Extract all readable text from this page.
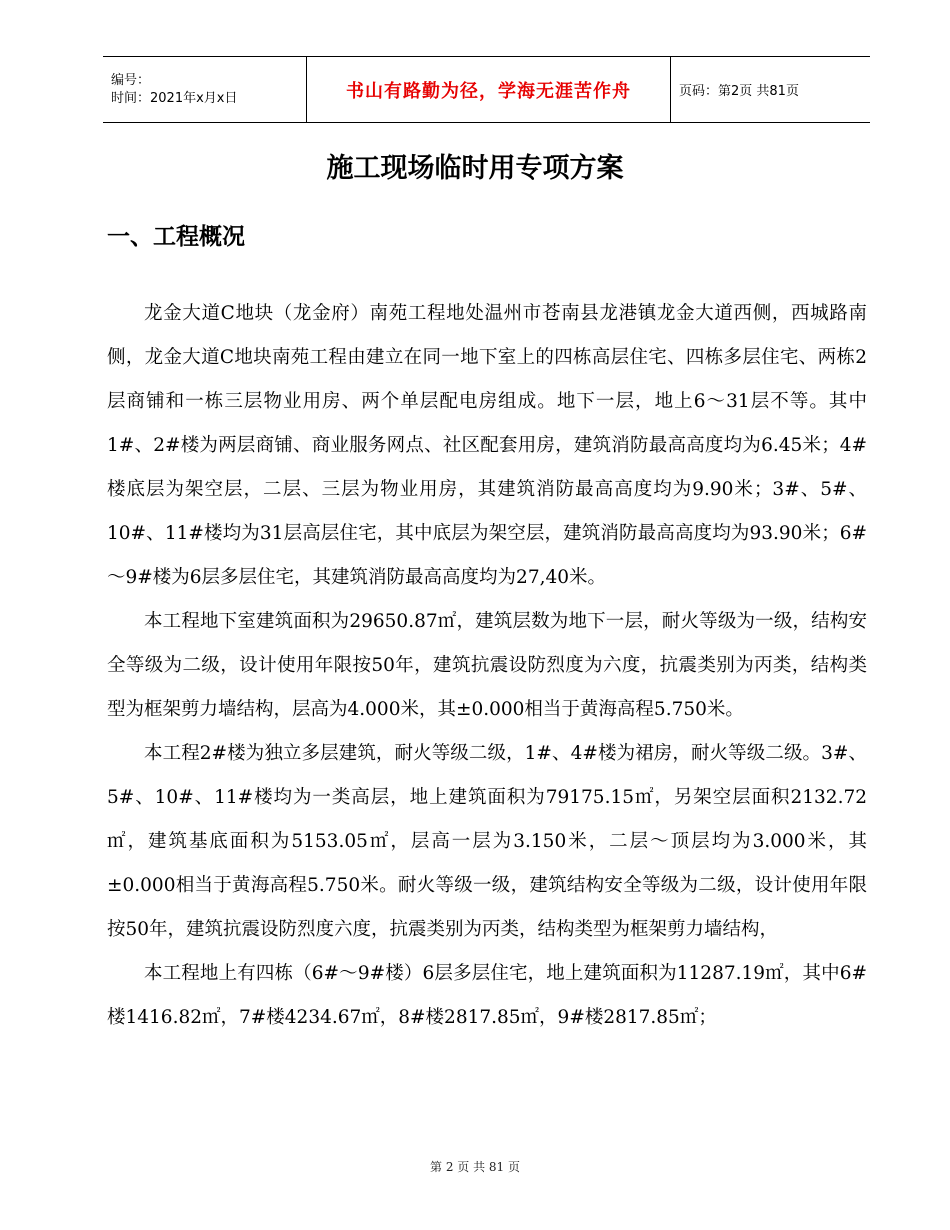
编号：
时间：2021年x月x日	书山有路勤为径，学海无涯苦作舟	页码：第2页 共81页
施工现场临时用专项方案
一、工程概况

龙金大道C地块（龙金府）南苑工程地处温州市苍南县龙港镇龙金大道西侧，西城路南侧，龙金大道C地块南苑工程由建立在同一地下室上的四栋高层住宅、四栋多层住宅、两栋2层商铺和一栋三层物业用房、两个单层配电房组成。地下一层，地上6～31层不等。其中1#、2#楼为两层商铺、商业服务网点、社区配套用房，建筑消防最高高度均为6.45米；4#楼底层为架空层，二层、三层为物业用房，其建筑消防最高高度均为9.90米；3#、5#、10#、11#楼均为31层高层住宅，其中底层为架空层，建筑消防最高高度均为93.90米；6#～9#楼为6层多层住宅，其建筑消防最高高度均为27,40米。

本工程地下室建筑面积为29650.87㎡，建筑层数为地下一层，耐火等级为一级，结构安全等级为二级，设计使用年限按50年，建筑抗震设防烈度为六度，抗震类别为丙类，结构类型为框架剪力墙结构，层高为4.000米，其±0.000相当于黄海高程5.750米。

本工程2#楼为独立多层建筑，耐火等级二级，1#、4#楼为裙房，耐火等级二级。3#、5#、10#、11#楼均为一类高层，地上建筑面积为79175.15㎡，另架空层面积2132.72㎡，建筑基底面积为5153.05㎡，层高一层为3.150米，二层～顶层均为3.000米，其±0.000相当于黄海高程5.750米。耐火等级一级，建筑结构安全等级为二级，设计使用年限按50年，建筑抗震设防烈度六度，抗震类别为丙类，结构类型为框架剪力墙结构，

本工程地上有四栋（6#～9#楼）6层多层住宅，地上建筑面积为11287.19㎡，其中6#楼1416.82㎡，7#楼4234.67㎡，8#楼2817.85㎡，9#楼2817.85㎡；

第 2 页 共 81 页
